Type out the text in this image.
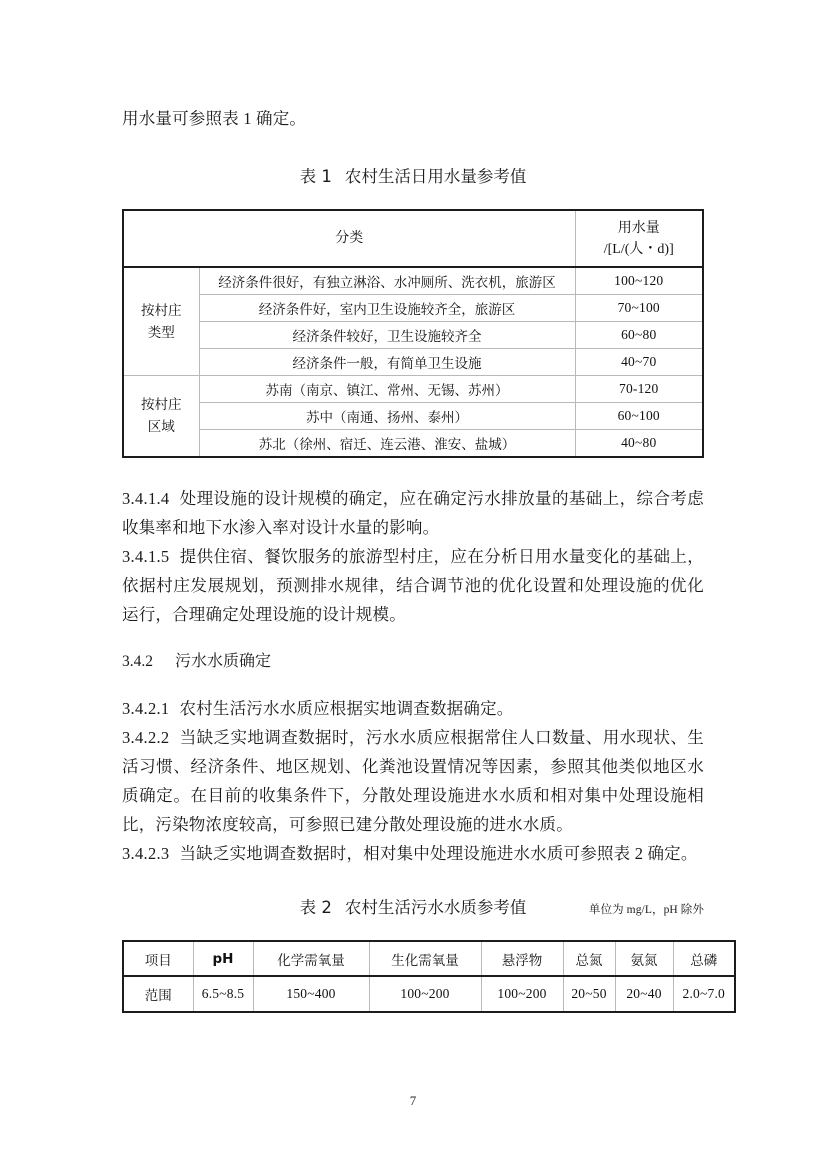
用水量可参照表 1 确定。

表 1 农村生活日用水量参考值
分类		用水量
/[L/(人・d)]

按村庄
类型	经济条件很好，有独立淋浴、水冲厕所、洗衣机，旅游区	100~120
	经济条件好，室内卫生设施较齐全，旅游区	70~100
	经济条件较好，卫生设施较齐全	60~80
	经济条件一般，有简单卫生设施	40~70

按村庄
区域	苏南（南京、镇江、常州、无锡、苏州）	70-120
	苏中（南通、扬州、泰州）	60~100
	苏北（徐州、宿迁、连云港、淮安、盐城）	40~80

3.4.1.4 处理设施的设计规模的确定，应在确定污水排放量的基础上，综合考虑收集率和地下水渗入率对设计水量的影响。

3.4.1.5 提供住宿、餐饮服务的旅游型村庄，应在分析日用水量变化的基础上，依据村庄发展规划，预测排水规律，结合调节池的优化设置和处理设施的优化运行，合理确定处理设施的设计规模。

3.4.2 污水水质确定

3.4.2.1 农村生活污水水质应根据实地调查数据确定。

3.4.2.2 当缺乏实地调查数据时，污水水质应根据常住人口数量、用水现状、生活习惯、经济条件、地区规划、化粪池设置情况等因素，参照其他类似地区水质确定。在目前的收集条件下，分散处理设施进水水质和相对集中处理设施相比，污染物浓度较高，可参照已建分散处理设施的进水水质。

3.4.2.3 当缺乏实地调查数据时，相对集中处理设施进水水质可参照表 2 确定。

表 2 农村生活污水水质参考值	单位为 mg/L，pH 除外
项目	pH	化学需氧量	生化需氧量	悬浮物	总氮	氨氮	总磷
范围	6.5~8.5	150~400	100~200	100~200	20~50	20~40	2.0~7.0
7
